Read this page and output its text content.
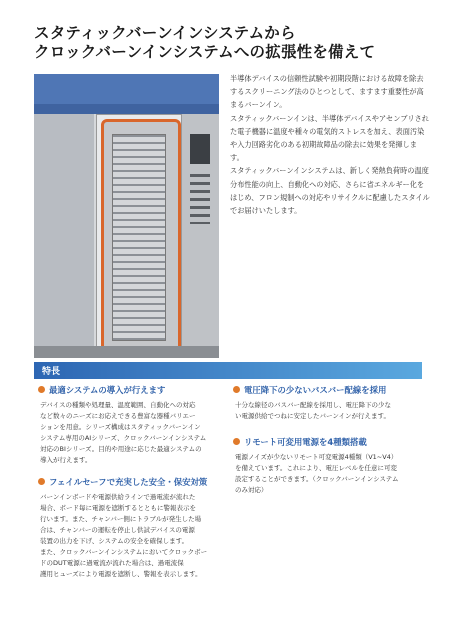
スタティックバーンインシステムから
クロックバーンインシステムへの拡張性を備えて

半導体デバイスの信頼性試験や初期段階における故障を除去するスクリーニング法のひとつとして、ますます重要性が高まるバーンイン。

スタティックバーンインは、半導体デバイスやアセンブリされた電子機器に温度や種々の電気的ストレスを加え、表面汚染や入力回路劣化のある初期故障品の除去に効果を発揮します。

スタティックバーンインシステムは、新しく発熱負荷時の温度分布性能の向上、自動化への対応、さらに省エネルギー化をはじめ、フロン規制への対応やリサイクルに配慮したスタイルでお届けいたします。

特長

最適システムの導入が行えます

デバイスの種類や処理量、温度範囲、自動化への対応

など数々のニーズにお応えできる豊富な器種バリエー

ションを用意。シリーズ構成はスタティックバーンイン

システム専用のAIシリーズ、クロックバーンインシステム

対応のBIシリーズ。目的や用途に応じた最適システムの

導入が行えます。

フェイルセーフで充実した安全・保安対策

バーンインボードや電源供給ラインで過電流が流れた

場合、ボード毎に電源を遮断するとともに警報表示を

行います。また、チャンバー側にトラブルが発生した場

合は、チャンバーの運転を停止し供試デバイスの電源

装置の出力を下げ、システムの安全を確保します。

また、クロックバーンインシステムにおいてクロックボー

ドのDUT電源に過電流が流れた場合は、過電流保

護用ヒューズにより電源を遮断し、警報を表示します。

電圧降下の少ないバスバー配線を採用

十分な線径のバスバー配線を採用し、電圧降下の少な

い電源供給でつねに安定したバーンインが行えます。

リモート可変用電源を4種類搭載

電源ノイズが少ないリモート可変電源4種類（V1~V4）

を備えています。これにより、電圧レベルを任意に可変

設定することができます。（クロックバーンインシステム

のみ対応）
